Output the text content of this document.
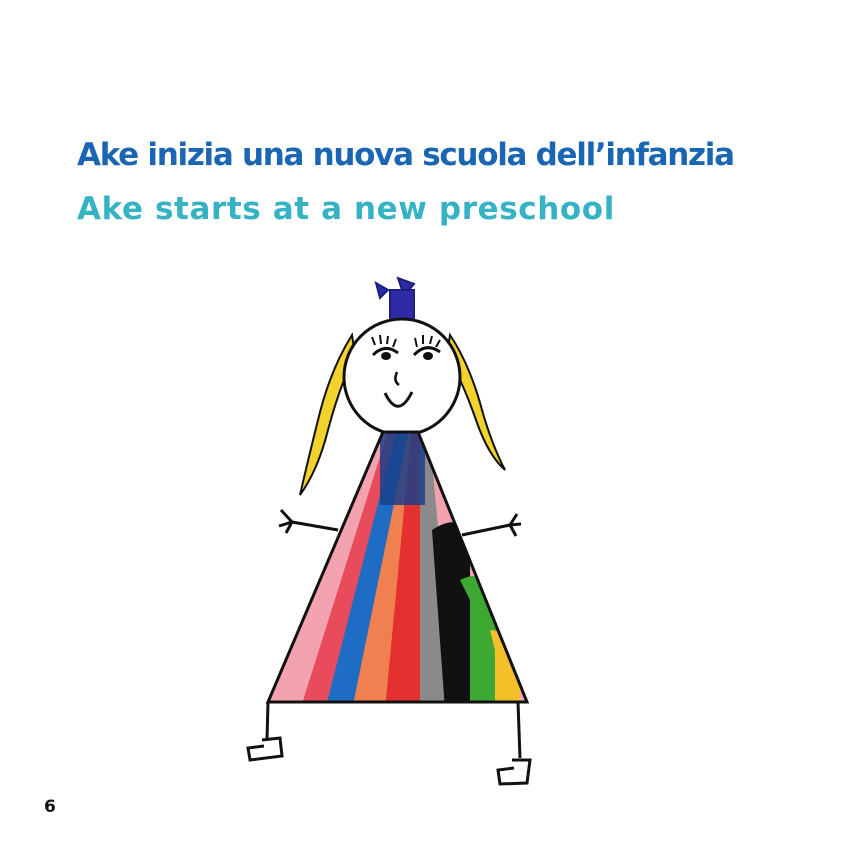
Ake inizia una nuova scuola dell’infanzia
Ake starts at a new preschool
6
